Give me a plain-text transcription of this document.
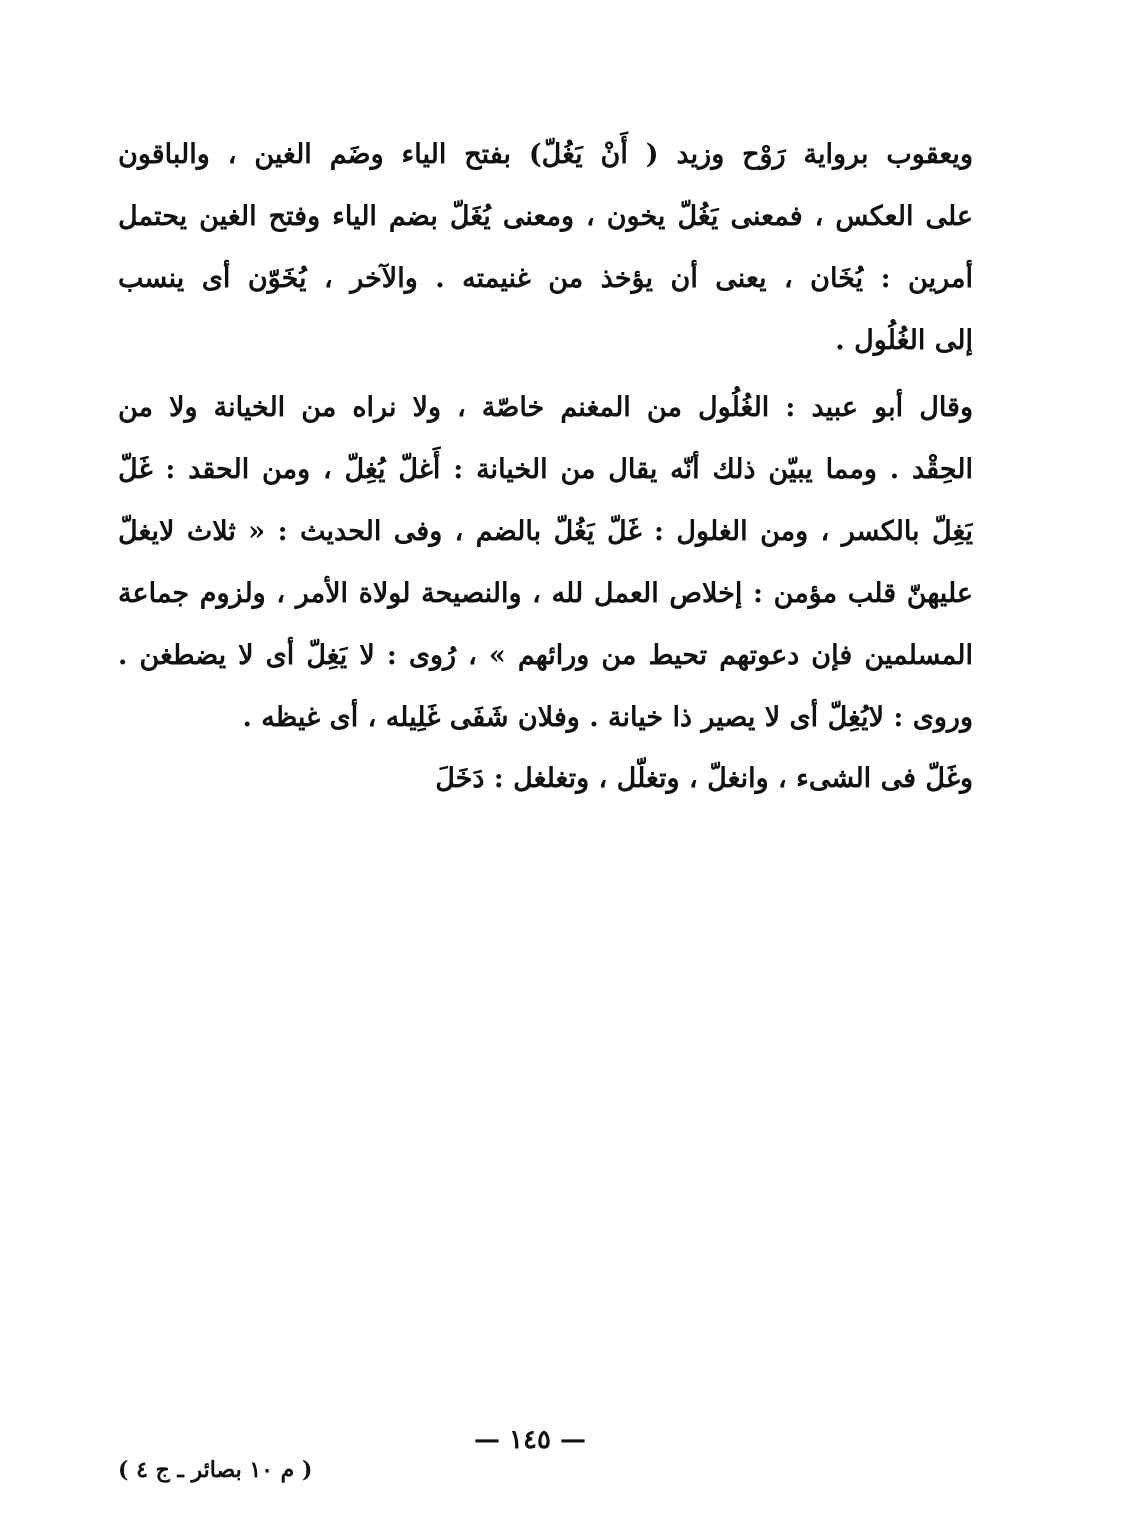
ويعقوب برواية رَوْح وزيد ( أَنْ يَغُلّ) بفتح الياء وضَم الغين ، والباقون
على العكس ، فمعنى يَغُلّ يخون ، ومعنى يُغَلّ بضم الياء وفتح الغين يحتمل
أمرين : يُخَان ، يعنى أن يؤخذ من غنيمته . والآخر ، يُخَوّن أى ينسب
إلى الغُلُول .
وقال أبو عبيد : الغُلُول من المغنم خاصّة ، ولا نراه من الخيانة ولا من
الحِقْد . ومما يبيّن ذلك أنّه يقال من الخيانة : أَغلّ يُغِلّ ، ومن الحقد : غَلّ
يَغِلّ بالكسر ، ومن الغلول : غَلّ يَغُلّ بالضم ، وفى الحديث : « ثلاث لايغلّ
عليهنّ قلب مؤمن : إخلاص العمل لله ، والنصيحة لولاة الأمر ، ولزوم جماعة
المسلمين فإن دعوتهم تحيط من ورائهم » ، رُوى : لا يَغِلّ أى لا يضطغن .
وروى : لايُغِلّ أى لا يصير ذا خيانة . وفلان شَفَى غَلِيله ، أى غيظه .
وغَلّ فى الشىء ، وانغلّ ، وتغلّل ، وتغلغل : دَخَلَ
— ١٤٥ —
( م ١٠ بصائر ـ ج ٤ )
